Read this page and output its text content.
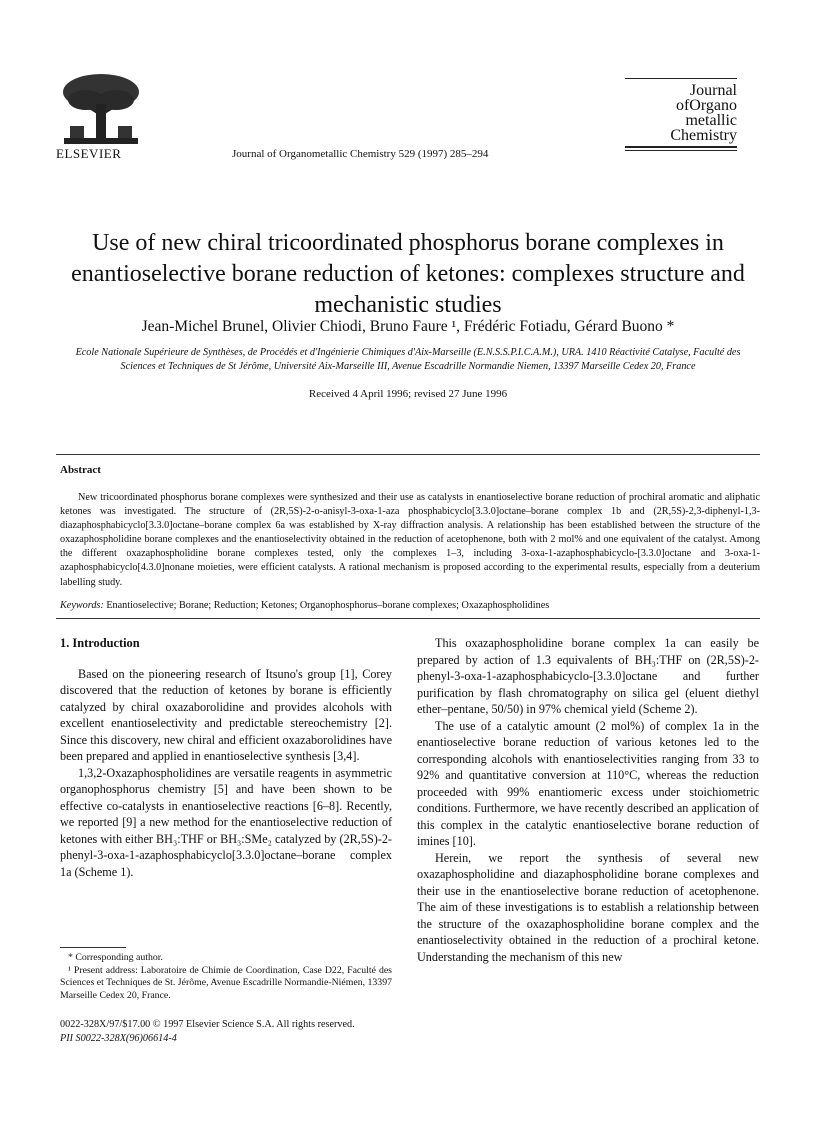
ELSEVIER	Journal of Organometallic Chemistry 529 (1997) 285–294
Journal
ofOrgano
metallic
Chemistry
Use of new chiral tricoordinated phosphorus borane complexes in enantioselective borane reduction of ketones: complexes structure and mechanistic studies
Jean-Michel Brunel, Olivier Chiodi, Bruno Faure ¹, Frédéric Fotiadu, Gérard Buono *
Ecole Nationale Supérieure de Synthèses, de Procédés et d'Ingénierie Chimiques d'Aix-Marseille (E.N.S.S.P.I.C.A.M.), URA. 1410 Réactivité Catalyse, Faculté des Sciences et Techniques de St Jérôme, Université Aix-Marseille III, Avenue Escadrille Normandie Niemen, 13397 Marseille Cedex 20, France
Received 4 April 1996; revised 27 June 1996
Abstract
New tricoordinated phosphorus borane complexes were synthesized and their use as catalysts in enantioselective borane reduction of prochiral aromatic and aliphatic ketones was investigated. The structure of (2R,5S)-2-o-anisyl-3-oxa-1-aza phosphabicyclo[3.3.0]octane–borane complex 1b and (2R,5S)-2,3-diphenyl-1,3-diazaphosphabicyclo[3.3.0]octane–borane complex 6a was established by X-ray diffraction analysis. A relationship has been established between the structure of the oxazaphospholidine borane complexes and the enantioselectivity obtained in the reduction of acetophenone, both with 2 mol% and one equivalent of the catalyst. Among the different oxazaphospholidine borane complexes tested, only the complexes 1–3, including 3-oxa-1-azaphosphabicyclo-[3.3.0]octane and 3-oxa-1-azaphosphabicyclo[4.3.0]nonane moieties, were efficient catalysts. A rational mechanism is proposed according to the experimental results, especially from a deuterium labelling study.
Keywords: Enantioselective; Borane; Reduction; Ketones; Organophosphorus–borane complexes; Oxazaphospholidines
1. Introduction

Based on the pioneering research of Itsuno's group [1], Corey discovered that the reduction of ketones by borane is efficiently catalyzed by chiral oxazaborolidine and provides alcohols with excellent enantioselectivity and predictable stereochemistry [2]. Since this discovery, new chiral and efficient oxazaborolidines have been prepared and applied in enantioselective synthesis [3,4].

1,3,2-Oxazaphospholidines are versatile reagents in asymmetric organophosphorus chemistry [5] and have been shown to be effective co-catalysts in enantioselective reactions [6–8]. Recently, we reported [9] a new method for the enantioselective reduction of ketones with either BH₃:THF or BH₃:SMe₂ catalyzed by (2R,5S)-2-phenyl-3-oxa-1-azaphosphabicyclo[3.3.0]octane–borane complex 1a (Scheme 1).

This oxazaphospholidine borane complex 1a can easily be prepared by action of 1.3 equivalents of BH₃:THF on (2R,5S)-2-phenyl-3-oxa-1-azaphosphabicyclo-[3.3.0]octane and further purification by flash chromatography on silica gel (eluent diethyl ether–pentane, 50/50) in 97% chemical yield (Scheme 2).

The use of a catalytic amount (2 mol%) of complex 1a in the enantioselective borane reduction of various ketones led to the corresponding alcohols with enantioselectivities ranging from 33 to 92% and quantitative conversion at 110°C, whereas the reduction proceeded with 99% enantiomeric excess under stoichiometric conditions. Furthermore, we have recently described an application of this complex in the catalytic enantioselective borane reduction of imines [10].

Herein, we report the synthesis of several new oxazaphospholidine and diazaphospholidine borane complexes and their use in the enantioselective borane reduction of acetophenone. The aim of these investigations is to establish a relationship between the structure of the oxazaphospholidine borane complex and the enantioselectivity obtained in the reduction of a prochiral ketone. Understanding the mechanism of this new

* Corresponding author.

¹ Present address: Laboratoire de Chimie de Coordination, Case D22, Faculté des Sciences et Techniques de St. Jérôme, Avenue Escadrille Normandie-Niémen, 13397 Marseille Cedex 20, France.

0022-328X/97/$17.00 © 1997 Elsevier Science S.A. All rights reserved.
PII S0022-328X(96)06614-4
